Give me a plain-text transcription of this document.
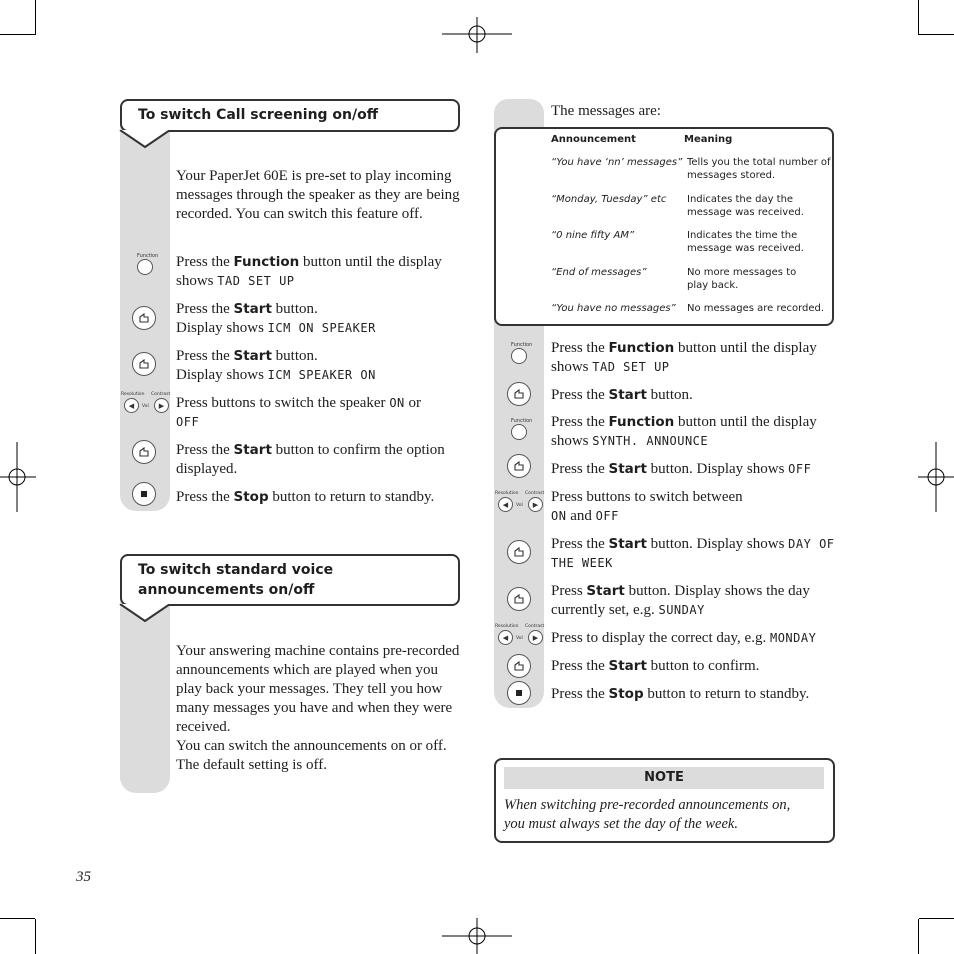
To switch Call screening on/off
Your PaperJet 60E is pre-set to play incoming messages through the speaker as they are being recorded. You can switch this feature off.
Function Press the Function button until the display shows TAD SET UP
Press the Start button.
Display shows ICM ON SPEAKER
Press the Start button.
Display shows ICM SPEAKER ON
Resolution Contrast
◀	Vol	▶ Press buttons to switch the speaker ON or
OFF
Press the Start button to confirm the option displayed.
Press the Stop button to return to standby.
To switch standard voice
announcements on/off
Your answering machine contains pre-recorded announcements which are played when you play back your messages. They tell you how many messages you have and when they were received.
You can switch the announcements on or off. The default setting is off.
35
The messages are:
Announcement	Meaning
“You have ‘nn’ messages” Tells you the total number of messages stored.
“Monday, Tuesday” etc Indicates the day the message was received.
“0 nine fifty AM”	Indicates the time the message was received.
“End of messages”	No more messages to play back.
“You have no messages” No messages are recorded.
Function Press the Function button until the display shows TAD SET UP
Press the Start button.
Function Press the Function button until the display shows SYNTH. ANNOUNCE
Press the Start button. Display shows OFF
Resolution Contrast
◀	Vol	▶ Press buttons to switch between
ON and OFF
Press the Start button. Display shows DAY OF THE WEEK
Press Start button. Display shows the day currently set, e.g. SUNDAY
Resolution Contrast
◀	Vol	▶ Press to display the correct day, e.g. MONDAY
Press the Start button to confirm.
Press the Stop button to return to standby.
NOTE
When switching pre-recorded announcements on, you must always set the day of the week.
